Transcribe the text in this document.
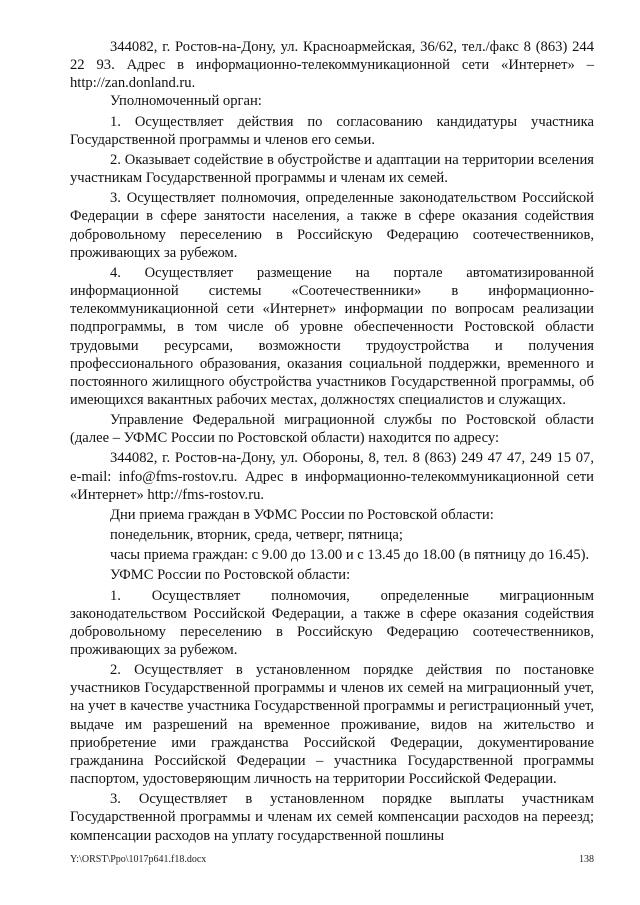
344082, г. Ростов-на-Дону, ул. Красноармейская, 36/62, тел./факс 8 (863) 244 22 93. Адрес в информационно-телекоммуникационной сети «Интернет» – http://zan.donland.ru.

Уполномоченный орган:

1. Осуществляет действия по согласованию кандидатуры участника Государственной программы и членов его семьи.

2. Оказывает содействие в обустройстве и адаптации на территории вселения участникам Государственной программы и членам их семей.

3. Осуществляет полномочия, определенные законодательством Российской Федерации в сфере занятости населения, а также в сфере оказания содействия добровольному переселению в Российскую Федерацию соотечественников, проживающих за рубежом.

4. Осуществляет размещение на портале автоматизированной информационной системы «Соотечественники» в информационно-телекоммуникационной сети «Интернет» информации по вопросам реализации подпрограммы, в том числе об уровне обеспеченности Ростовской области трудовыми ресурсами, возможности трудоустройства и получения профессионального образования, оказания социальной поддержки, временного и постоянного жилищного обустройства участников Государственной программы, об имеющихся вакантных рабочих местах, должностях специалистов и служащих.

Управление Федеральной миграционной службы по Ростовской области (далее – УФМС России по Ростовской области) находится по адресу:

344082, г. Ростов-на-Дону, ул. Обороны, 8, тел. 8 (863) 249 47 47, 249 15 07, e-mail: info@fms-rostov.ru. Адрес в информационно-телекоммуникационной сети «Интернет» http://fms-rostov.ru.

Дни приема граждан в УФМС России по Ростовской области:

понедельник, вторник, среда, четверг, пятница;

часы приема граждан: с 9.00 до 13.00 и с 13.45 до 18.00 (в пятницу до 16.45).

УФМС России по Ростовской области:

1. Осуществляет полномочия, определенные миграционным законодательством Российской Федерации, а также в сфере оказания содействия добровольному переселению в Российскую Федерацию соотечественников, проживающих за рубежом.

2. Осуществляет в установленном порядке действия по постановке участников Государственной программы и членов их семей на миграционный учет, на учет в качестве участника Государственной программы и регистрационный учет, выдаче им разрешений на временное проживание, видов на жительство и приобретение ими гражданства Российской Федерации, документирование гражданина Российской Федерации – участника Государственной программы паспортом, удостоверяющим личность на территории Российской Федерации.

3. Осуществляет в установленном порядке выплаты участникам Государственной программы и членам их семей компенсации расходов на переезд; компенсации расходов на уплату государственной пошлины

Y:\ORST\Ppo\1017p641.f18.docx	138
